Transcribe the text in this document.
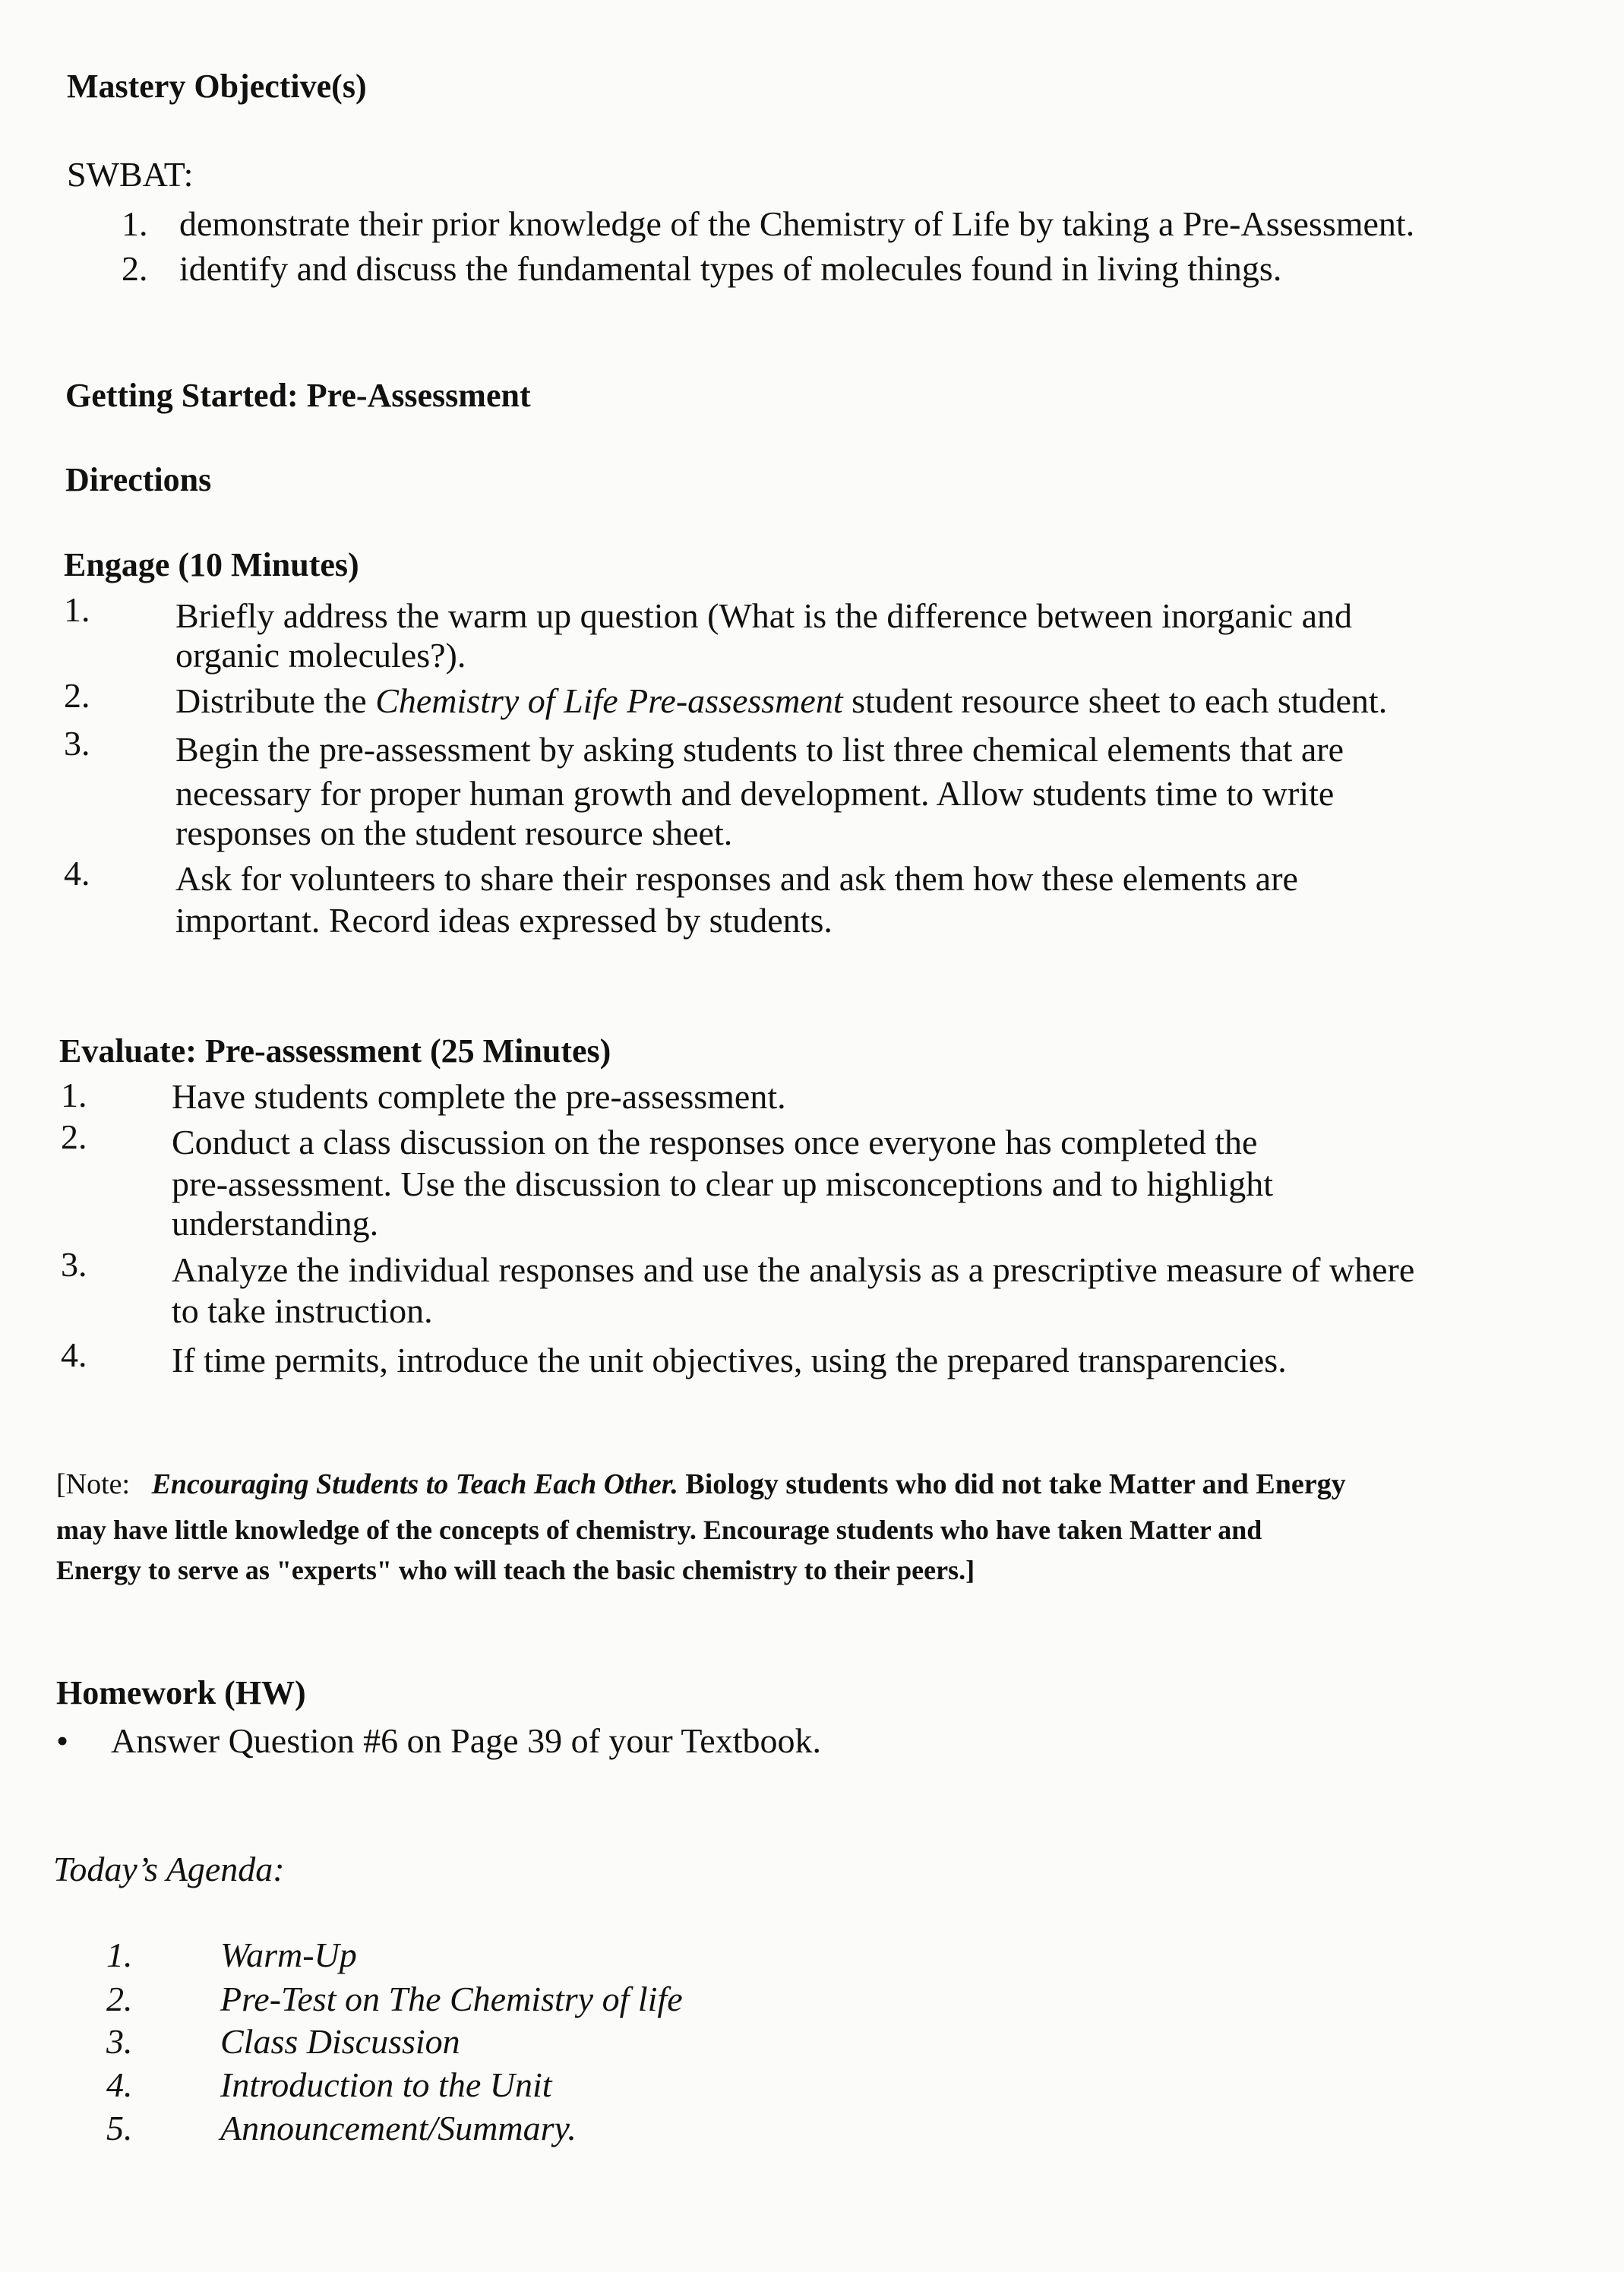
Mastery Objective(s)
SWBAT:
1. demonstrate their prior knowledge of the Chemistry of Life by taking a Pre-Assessment.
2. identify and discuss the fundamental types of molecules found in living things.
Getting Started: Pre-Assessment
Directions
Engage (10 Minutes)
1. Briefly address the warm up question (What is the difference between inorganic and
organic molecules?).
2. Distribute the Chemistry of Life Pre-assessment student resource sheet to each student.
3. Begin the pre-assessment by asking students to list three chemical elements that are
necessary for proper human growth and development. Allow students time to write
responses on the student resource sheet.
4. Ask for volunteers to share their responses and ask them how these elements are
important. Record ideas expressed by students.
Evaluate: Pre-assessment (25 Minutes)
1. Have students complete the pre-assessment.
2. Conduct a class discussion on the responses once everyone has completed the
pre-assessment. Use the discussion to clear up misconceptions and to highlight
understanding.
3. Analyze the individual responses and use the analysis as a prescriptive measure of where
to take instruction.
4. If time permits, introduce the unit objectives, using the prepared transparencies.
[Note: Encouraging Students to Teach Each Other. Biology students who did not take Matter and Energy
may have little knowledge of the concepts of chemistry. Encourage students who have taken Matter and
Energy to serve as "experts" who will teach the basic chemistry to their peers.]
Homework (HW)
• Answer Question #6 on Page 39 of your Textbook.
Today’s Agenda:
1.	Warm-Up
2.	Pre-Test on The Chemistry of life
3.	Class Discussion
4.	Introduction to the Unit
5.	Announcement/Summary.
